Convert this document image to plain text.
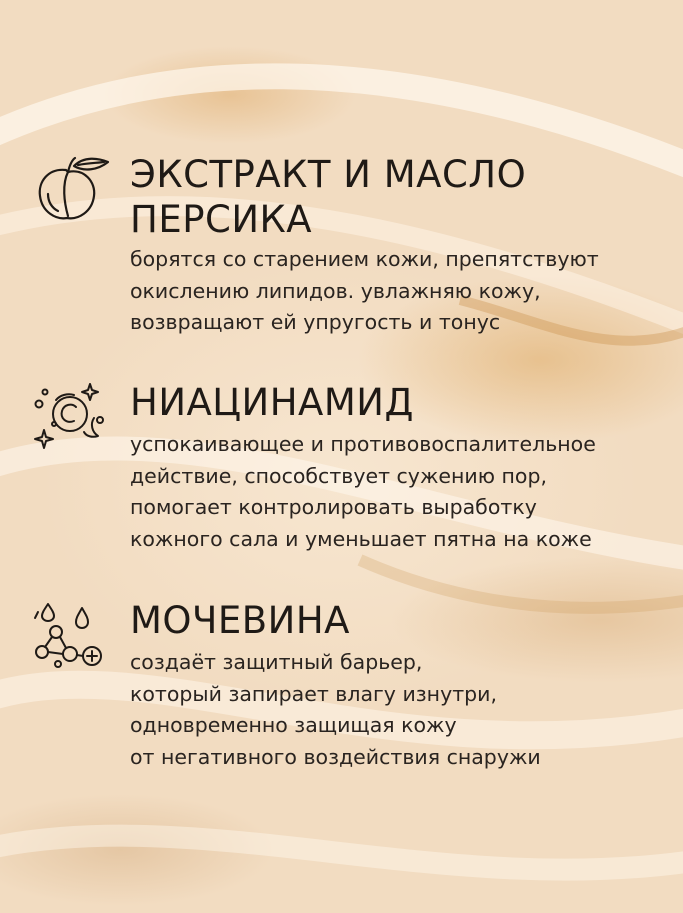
ЭКСТРАКТ И МАСЛО
ПЕРСИКА

борятся со старением кожи, препятствуют
окислению липидов. увлажняю кожу,
возвращают ей упругость и тонус

НИАЦИНАМИД

успокаивающее и противовоспалительное
действие, способствует сужению пор,
помогает контролировать выработку
кожного сала и уменьшает пятна на коже

МОЧЕВИНА

создаёт защитный барьер,
который запирает влагу изнутри,
одновременно защищая кожу
от негативного воздействия снаружи
